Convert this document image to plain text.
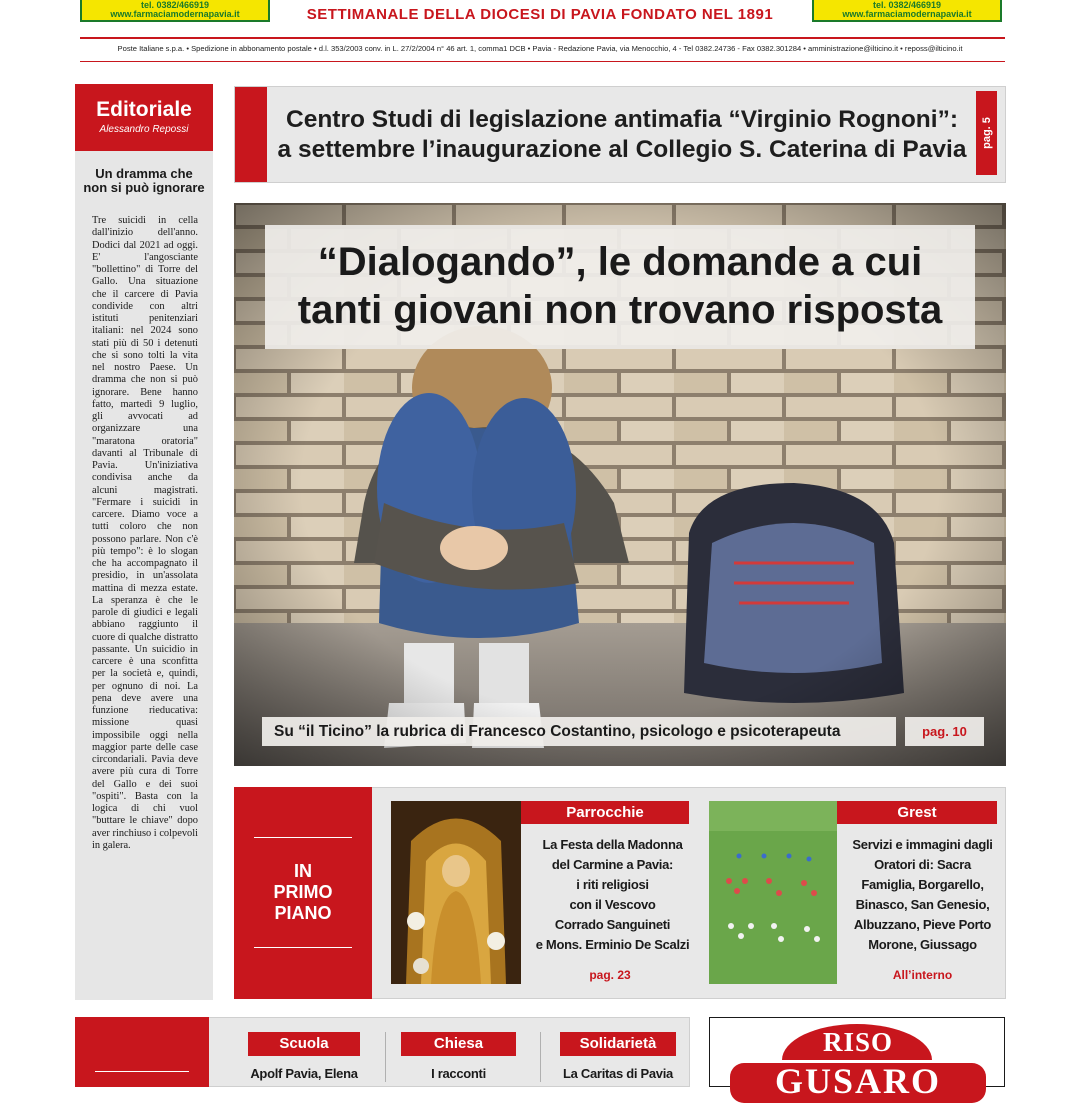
tel. 0382/466919
www.farmaciamodernapavia.it	SETTIMANALE DELLA DIOCESI DI PAVIA FONDATO NEL 1891
tel. 0382/466919
www.farmaciamodernapavia.it
Poste Italiane s.p.a. • Spedizione in abbonamento postale • d.l. 353/2003 conv. in L. 27/2/2004 n° 46 art. 1, comma1 DCB • Pavia - Redazione Pavia, via Menocchio, 4 - Tel 0382.24736 - Fax 0382.301284 • amministrazione@ilticino.it • reposs@ilticino.it
Editoriale
Alessandro Repossi
Un dramma che non si può ignorare
Tre suicidi in cella dall'inizio dell'anno. Dodici dal 2021 ad oggi. E' l'angosciante "bollettino" di Torre del Gallo. Una situazione che il carcere di Pavia condivide con altri istituti penitenziari italiani: nel 2024 sono stati più di 50 i detenuti che si sono tolti la vita nel nostro Paese. Un dramma che non si può ignorare. Bene hanno fatto, martedì 9 luglio, gli avvocati ad organizzare una "maratona oratoria" davanti al Tribunale di Pavia. Un'iniziativa condivisa anche da alcuni magistrati. "Fermare i suicidi in carcere. Diamo voce a tutti coloro che non possono parlare. Non c'è più tempo": è lo slogan che ha accompagnato il presidio, in un'assolata mattina di mezza estate. La speranza è che le parole di giudici e legali abbiano raggiunto il cuore di qualche distratto passante. Un suicidio in carcere è una sconfitta per la società e, quindi, per ognuno di noi. La pena deve avere una funzione rieducativa: missione quasi impossibile oggi nella maggior parte delle case circondariali. Pavia deve avere più cura di Torre del Gallo e dei suoi "ospiti". Basta con la logica di chi vuol "buttare le chiave" dopo aver rinchiuso i colpevoli in galera.
Centro Studi di legislazione antimafia “Virginio Rognoni”:
a settembre l’inaugurazione al Collegio S. Caterina di Pavia
pag. 5
“Dialogando”, le domande a cui
tanti giovani non trovano risposta
Su “il Ticino” la rubrica di Francesco Costantino, psicologo e psicoterapeuta	pag. 10
IN
PRIMO
PIANO
Parrocchie
La Festa della Madonna
del Carmine a Pavia:
i riti religiosi
con il Vescovo
Corrado Sanguineti
e Mons. Erminio De Scalzi
pag. 23
Grest
Servizi e immagini dagli
Oratori di: Sacra
Famiglia, Borgarello,
Binasco, San Genesio,
Albuzzano, Pieve Porto
Morone, Giussago
All’interno
Scuola
Apolf Pavia, Elena
Chiesa
I racconti
Solidarietà
La Caritas di Pavia
RISO
GUSARO
